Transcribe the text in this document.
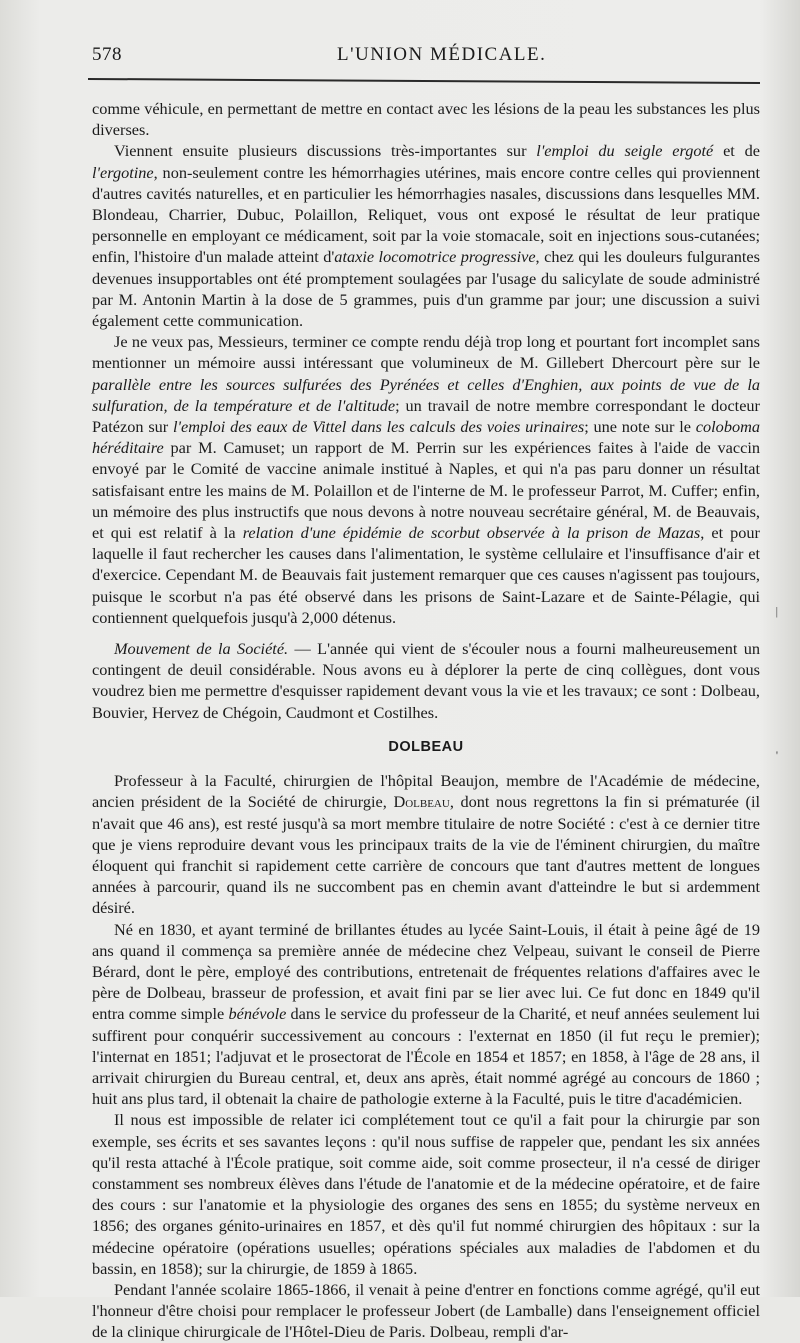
578	L'UNION MÉDICALE.

comme véhicule, en permettant de mettre en contact avec les lésions de la peau les substances les plus diverses.

Viennent ensuite plusieurs discussions très-importantes sur l'emploi du seigle ergoté et de l'ergotine, non-seulement contre les hémorrhagies utérines, mais encore contre celles qui proviennent d'autres cavités naturelles, et en particulier les hémorrhagies nasales, discussions dans lesquelles MM. Blondeau, Charrier, Dubuc, Polaillon, Reliquet, vous ont exposé le résultat de leur pratique personnelle en employant ce médicament, soit par la voie stomacale, soit en injections sous-cutanées; enfin, l'histoire d'un malade atteint d'ataxie locomotrice progressive, chez qui les douleurs fulgurantes devenues insupportables ont été promptement soulagées par l'usage du salicylate de soude administré par M. Antonin Martin à la dose de 5 grammes, puis d'un gramme par jour; une discussion a suivi également cette communication.

Je ne veux pas, Messieurs, terminer ce compte rendu déjà trop long et pourtant fort incomplet sans mentionner un mémoire aussi intéressant que volumineux de M. Gillebert Dhercourt père sur le parallèle entre les sources sulfurées des Pyrénées et celles d'Enghien, aux points de vue de la sulfuration, de la température et de l'altitude; un travail de notre membre correspondant le docteur Patézon sur l'emploi des eaux de Vittel dans les calculs des voies urinaires; une note sur le coloboma héréditaire par M. Camuset; un rapport de M. Perrin sur les expériences faites à l'aide de vaccin envoyé par le Comité de vaccine animale institué à Naples, et qui n'a pas paru donner un résultat satisfaisant entre les mains de M. Polaillon et de l'interne de M. le professeur Parrot, M. Cuffer; enfin, un mémoire des plus instructifs que nous devons à notre nouveau secrétaire général, M. de Beauvais, et qui est relatif à la relation d'une épidémie de scorbut observée à la prison de Mazas, et pour laquelle il faut rechercher les causes dans l'alimentation, le système cellulaire et l'insuffisance d'air et d'exercice. Cependant M. de Beauvais fait justement remarquer que ces causes n'agissent pas toujours, puisque le scorbut n'a pas été observé dans les prisons de Saint-Lazare et de Sainte-Pélagie, qui contiennent quelquefois jusqu'à 2,000 détenus.

Mouvement de la Société. — L'année qui vient de s'écouler nous a fourni malheureusement un contingent de deuil considérable. Nous avons eu à déplorer la perte de cinq collègues, dont vous voudrez bien me permettre d'esquisser rapidement devant vous la vie et les travaux; ce sont : Dolbeau, Bouvier, Hervez de Chégoin, Caudmont et Costilhes.

DOLBEAU

Professeur à la Faculté, chirurgien de l'hôpital Beaujon, membre de l'Académie de médecine, ancien président de la Société de chirurgie, Dolbeau, dont nous regrettons la fin si prématurée (il n'avait que 46 ans), est resté jusqu'à sa mort membre titulaire de notre Société : c'est à ce dernier titre que je viens reproduire devant vous les principaux traits de la vie de l'éminent chirurgien, du maître éloquent qui franchit si rapidement cette carrière de concours que tant d'autres mettent de longues années à parcourir, quand ils ne succombent pas en chemin avant d'atteindre le but si ardemment désiré.

Né en 1830, et ayant terminé de brillantes études au lycée Saint-Louis, il était à peine âgé de 19 ans quand il commença sa première année de médecine chez Velpeau, suivant le conseil de Pierre Bérard, dont le père, employé des contributions, entretenait de fréquentes relations d'affaires avec le père de Dolbeau, brasseur de profession, et avait fini par se lier avec lui. Ce fut donc en 1849 qu'il entra comme simple bénévole dans le service du professeur de la Charité, et neuf années seulement lui suffirent pour conquérir successivement au concours : l'externat en 1850 (il fut reçu le premier); l'internat en 1851; l'adjuvat et le prosectorat de l'École en 1854 et 1857; en 1858, à l'âge de 28 ans, il arrivait chirurgien du Bureau central, et, deux ans après, était nommé agrégé au concours de 1860 ; huit ans plus tard, il obtenait la chaire de pathologie externe à la Faculté, puis le titre d'académicien.

Il nous est impossible de relater ici complétement tout ce qu'il a fait pour la chirurgie par son exemple, ses écrits et ses savantes leçons : qu'il nous suffise de rappeler que, pendant les six années qu'il resta attaché à l'École pratique, soit comme aide, soit comme prosecteur, il n'a cessé de diriger constamment ses nombreux élèves dans l'étude de l'anatomie et de la médecine opératoire, et de faire des cours : sur l'anatomie et la physiologie des organes des sens en 1855; du système nerveux en 1856; des organes génito-urinaires en 1857, et dès qu'il fut nommé chirurgien des hôpitaux : sur la médecine opératoire (opérations usuelles; opérations spéciales aux maladies de l'abdomen et du bassin, en 1858); sur la chirurgie, de 1859 à 1865.

Pendant l'année scolaire 1865-1866, il venait à peine d'entrer en fonctions comme agrégé, qu'il eut l'honneur d'être choisi pour remplacer le professeur Jobert (de Lamballe) dans l'enseignement officiel de la clinique chirurgicale de l'Hôtel-Dieu de Paris. Dolbeau, rempli d'ar-

|
'
